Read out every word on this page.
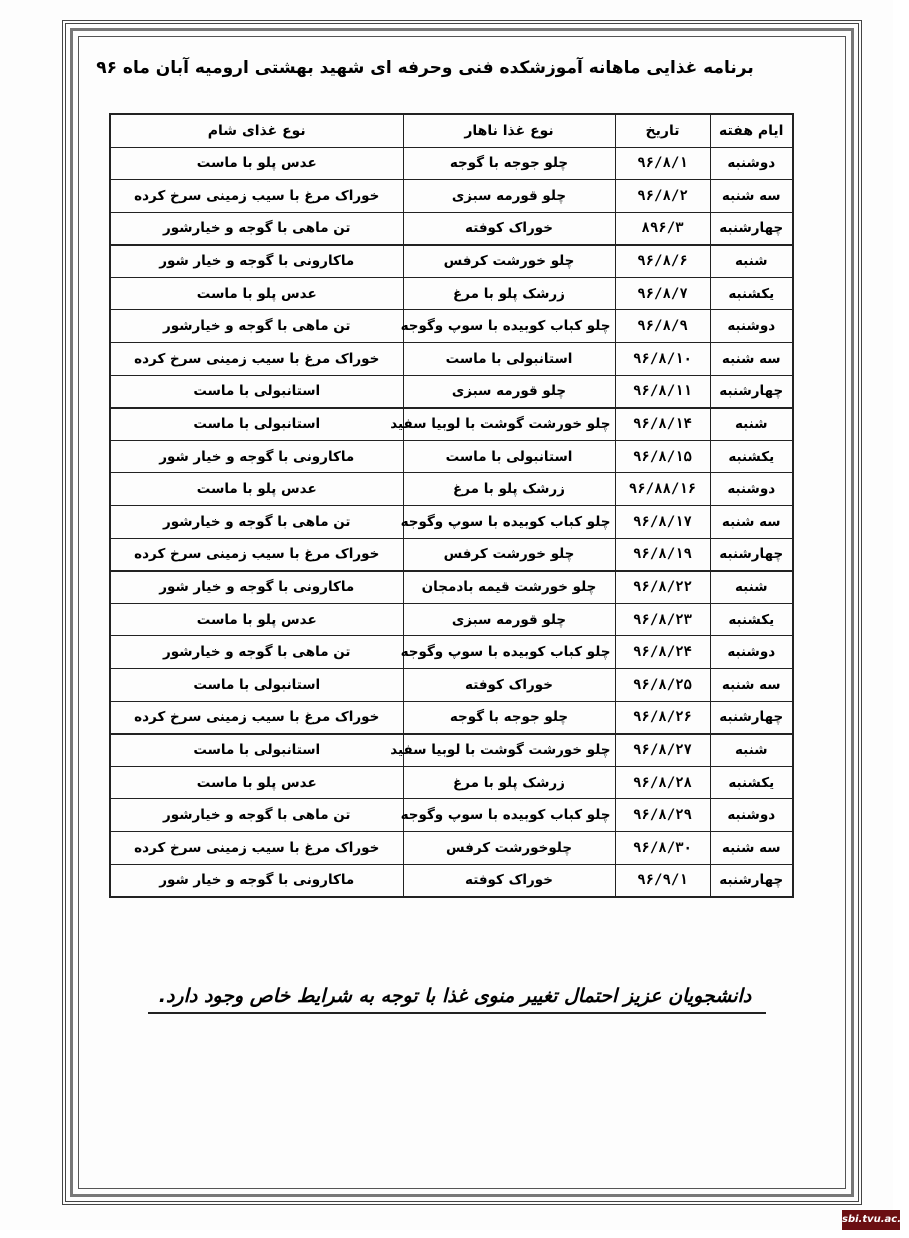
برنامه غذایی ماهانه آموزشکده فنی وحرفه ای شهید بهشتی ارومیه آبان ماه ۹۶
ایام هفته	تاریخ	نوع غذا ناهار	نوع غذای شام
دوشنبه	۹۶/۸/۱	چلو جوجه با گوجه	عدس پلو با ماست
سه شنبه	۹۶/۸/۲	چلو قورمه سبزی	خوراک مرغ با سیب زمینی سرخ کرده
چهارشنبه	۸۹۶/۳	خوراک کوفته	تن ماهی با گوجه و خیارشور
شنبه	۹۶/۸/۶	چلو خورشت کرفس	ماکارونی با گوجه و خیار شور
یکشنبه	۹۶/۸/۷	زرشک پلو با مرغ	عدس پلو با ماست
دوشنبه	۹۶/۸/۹	چلو کباب کوبیده با سوپ وگوجه	تن ماهی با گوجه و خیارشور
سه شنبه	۹۶/۸/۱۰	استانبولی با ماست	خوراک مرغ با سیب زمینی سرخ کرده
چهارشنبه	۹۶/۸/۱۱	چلو قورمه سبزی	استانبولی با ماست
شنبه	۹۶/۸/۱۴	چلو خورشت گوشت با لوبیا سفید	استانبولی با ماست
یکشنبه	۹۶/۸/۱۵	استانبولی با ماست	ماکارونی با گوجه و خیار شور
دوشنبه	۹۶/۸۸/۱۶	زرشک پلو با مرغ	عدس پلو با ماست
سه شنبه	۹۶/۸/۱۷	چلو کباب کوبیده با سوپ وگوجه	تن ماهی با گوجه و خیارشور
چهارشنبه	۹۶/۸/۱۹	چلو خورشت کرفس	خوراک مرغ با سیب زمینی سرخ کرده
شنبه	۹۶/۸/۲۲	چلو خورشت قیمه بادمجان	ماکارونی با گوجه و خیار شور
یکشنبه	۹۶/۸/۲۳	چلو قورمه سبزی	عدس پلو با ماست
دوشنبه	۹۶/۸/۲۴	چلو کباب کوبیده با سوپ وگوجه	تن ماهی با گوجه و خیارشور
سه شنبه	۹۶/۸/۲۵	خوراک کوفته	استانبولی با ماست
چهارشنبه	۹۶/۸/۲۶	چلو جوجه با گوجه	خوراک مرغ با سیب زمینی سرخ کرده
شنبه	۹۶/۸/۲۷	چلو خورشت گوشت با لوبیا سفید	استانبولی با ماست
یکشنبه	۹۶/۸/۲۸	زرشک پلو با مرغ	عدس پلو با ماست
دوشنبه	۹۶/۸/۲۹	چلو کباب کوبیده با سوپ وگوجه	تن ماهی با گوجه و خیارشور
سه شنبه	۹۶/۸/۳۰	چلوخورشت کرفس	خوراک مرغ با سیب زمینی سرخ کرده
چهارشنبه	۹۶/۹/۱	خوراک کوفته	ماکارونی با گوجه و خیار شور
دانشجویان عزیز احتمال تغییر منوی غذا با توجه به شرایط خاص وجود دارد.
sbi.tvu.ac.ir
